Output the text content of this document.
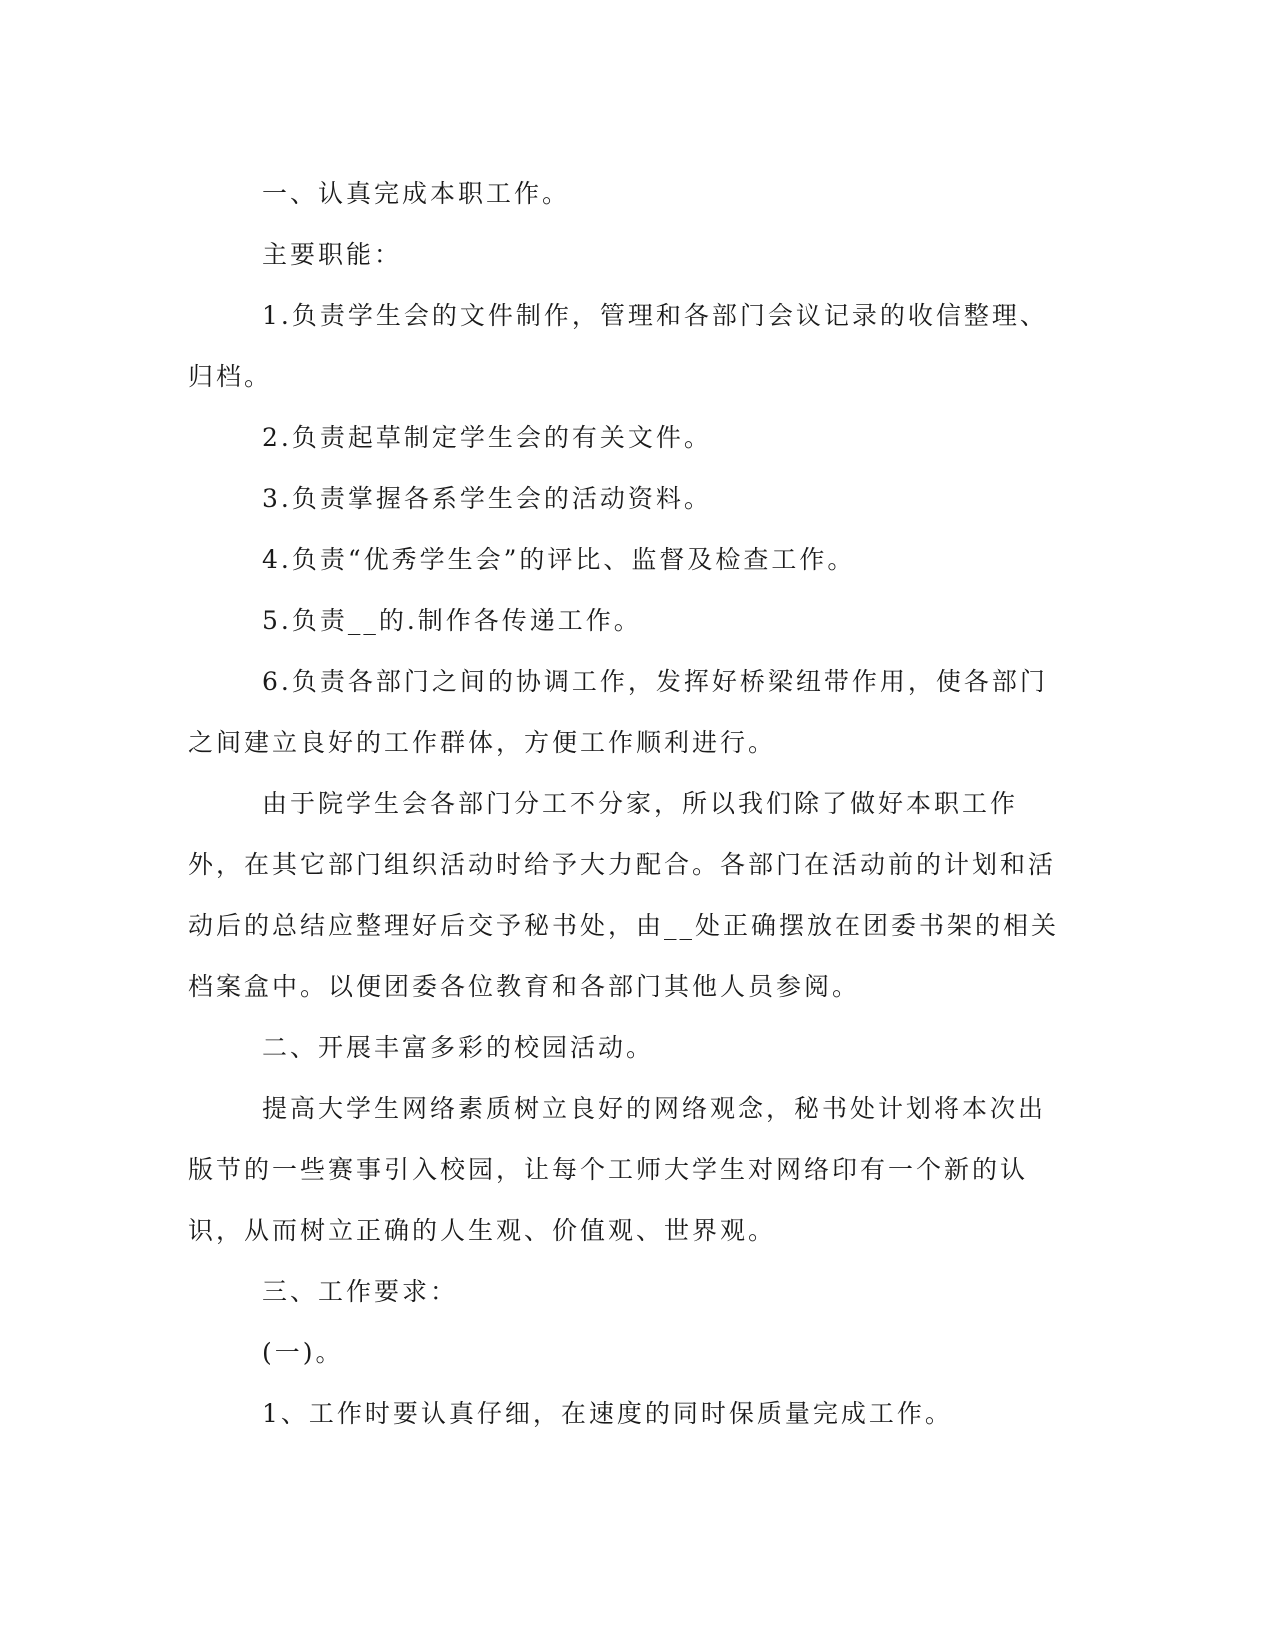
一、认真完成本职工作。

主要职能：

1.负责学生会的文件制作，管理和各部门会议记录的收信整理、归档。

2.负责起草制定学生会的有关文件。

3.负责掌握各系学生会的活动资料。

4.负责“优秀学生会”的评比、监督及检查工作。

5.负责__的.制作各传递工作。

6.负责各部门之间的协调工作，发挥好桥梁纽带作用，使各部门之间建立良好的工作群体，方便工作顺利进行。

由于院学生会各部门分工不分家，所以我们除了做好本职工作外，在其它部门组织活动时给予大力配合。各部门在活动前的计划和活动后的总结应整理好后交予秘书处，由__处正确摆放在团委书架的相关档案盒中。以便团委各位教育和各部门其他人员参阅。

二、开展丰富多彩的校园活动。

提高大学生网络素质树立良好的网络观念，秘书处计划将本次出版节的一些赛事引入校园，让每个工师大学生对网络印有一个新的认识，从而树立正确的人生观、价值观、世界观。

三、工作要求：

(一)。

1、工作时要认真仔细，在速度的同时保质量完成工作。
